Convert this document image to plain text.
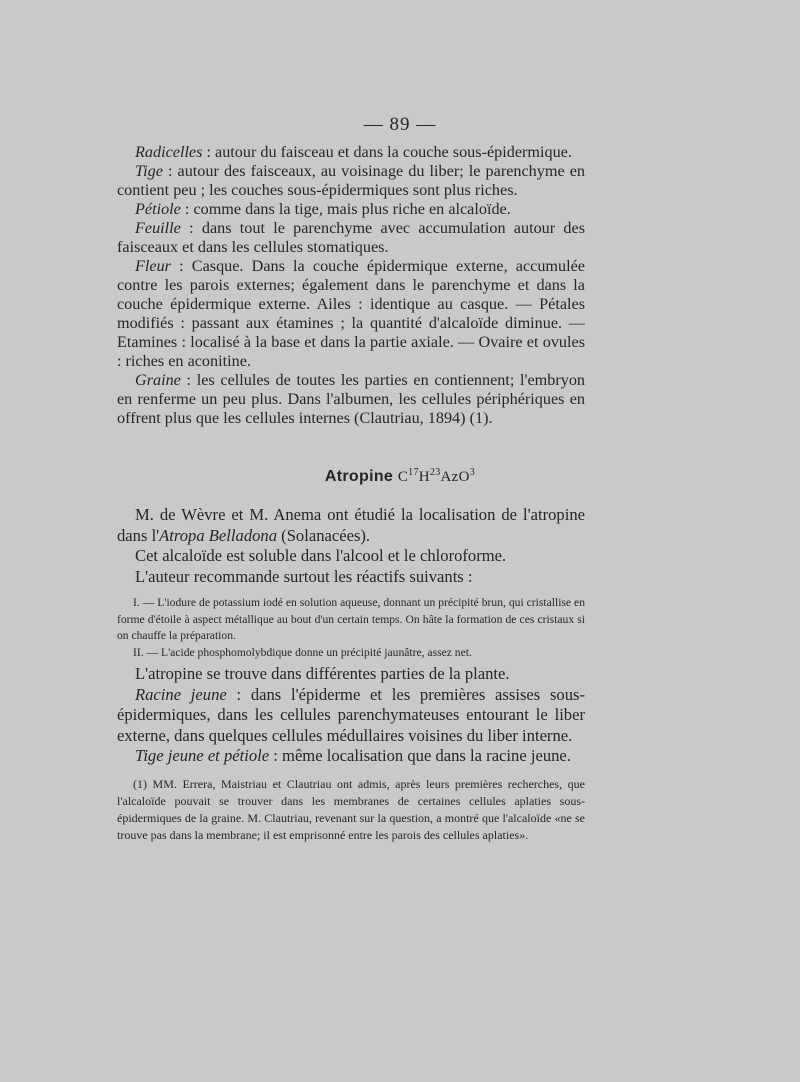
— 89 —

Radicelles : autour du faisceau et dans la couche sous-épidermique.

Tige : autour des faisceaux, au voisinage du liber; le parenchyme en contient peu ; les couches sous-épidermiques sont plus riches.

Pétiole : comme dans la tige, mais plus riche en alcaloïde.

Feuille : dans tout le parenchyme avec accumulation autour des faisceaux et dans les cellules stomatiques.

Fleur : Casque. Dans la couche épidermique externe, accumulée contre les parois externes; également dans le parenchyme et dans la couche épidermique externe. Ailes : identique au casque. — Pétales modifiés : passant aux étamines ; la quantité d'alcaloïde diminue. — Etamines : localisé à la base et dans la partie axiale. — Ovaire et ovules : riches en aconitine.

Graine : les cellules de toutes les parties en contiennent; l'embryon en renferme un peu plus. Dans l'albumen, les cellules périphériques en offrent plus que les cellules internes (Clautriau, 1894) (1).

Atropine $C^{17}H^{23}AzO^3$

M. de Wèvre et M. Anema ont étudié la localisation de l'atropine dans l'Atropa Belladona (Solanacées).

Cet alcaloïde est soluble dans l'alcool et le chloroforme.

L'auteur recommande surtout les réactifs suivants :

I. — L'iodure de potassium iodé en solution aqueuse, donnant un précipité brun, qui cristallise en forme d'étoile à aspect métallique au bout d'un certain temps. On hâte la formation de ces cristaux si on chauffe la préparation.

II. — L'acide phosphomolybdique donne un précipité jaunâtre, assez net.

L'atropine se trouve dans différentes parties de la plante.

Racine jeune : dans l'épiderme et les premières assises sous-épidermiques, dans les cellules parenchymateuses entourant le liber externe, dans quelques cellules médullaires voisines du liber interne.

Tige jeune et pétiole : même localisation que dans la racine jeune.

(1) MM. Errera, Maistriau et Clautriau ont admis, après leurs premières recherches, que l'alcaloïde pouvait se trouver dans les membranes de certaines cellules aplaties sous-épidermiques de la graine. M. Clautriau, revenant sur la question, a montré que l'alcaloïde «ne se trouve pas dans la membrane; il est emprisonné entre les parois des cellules aplaties».
